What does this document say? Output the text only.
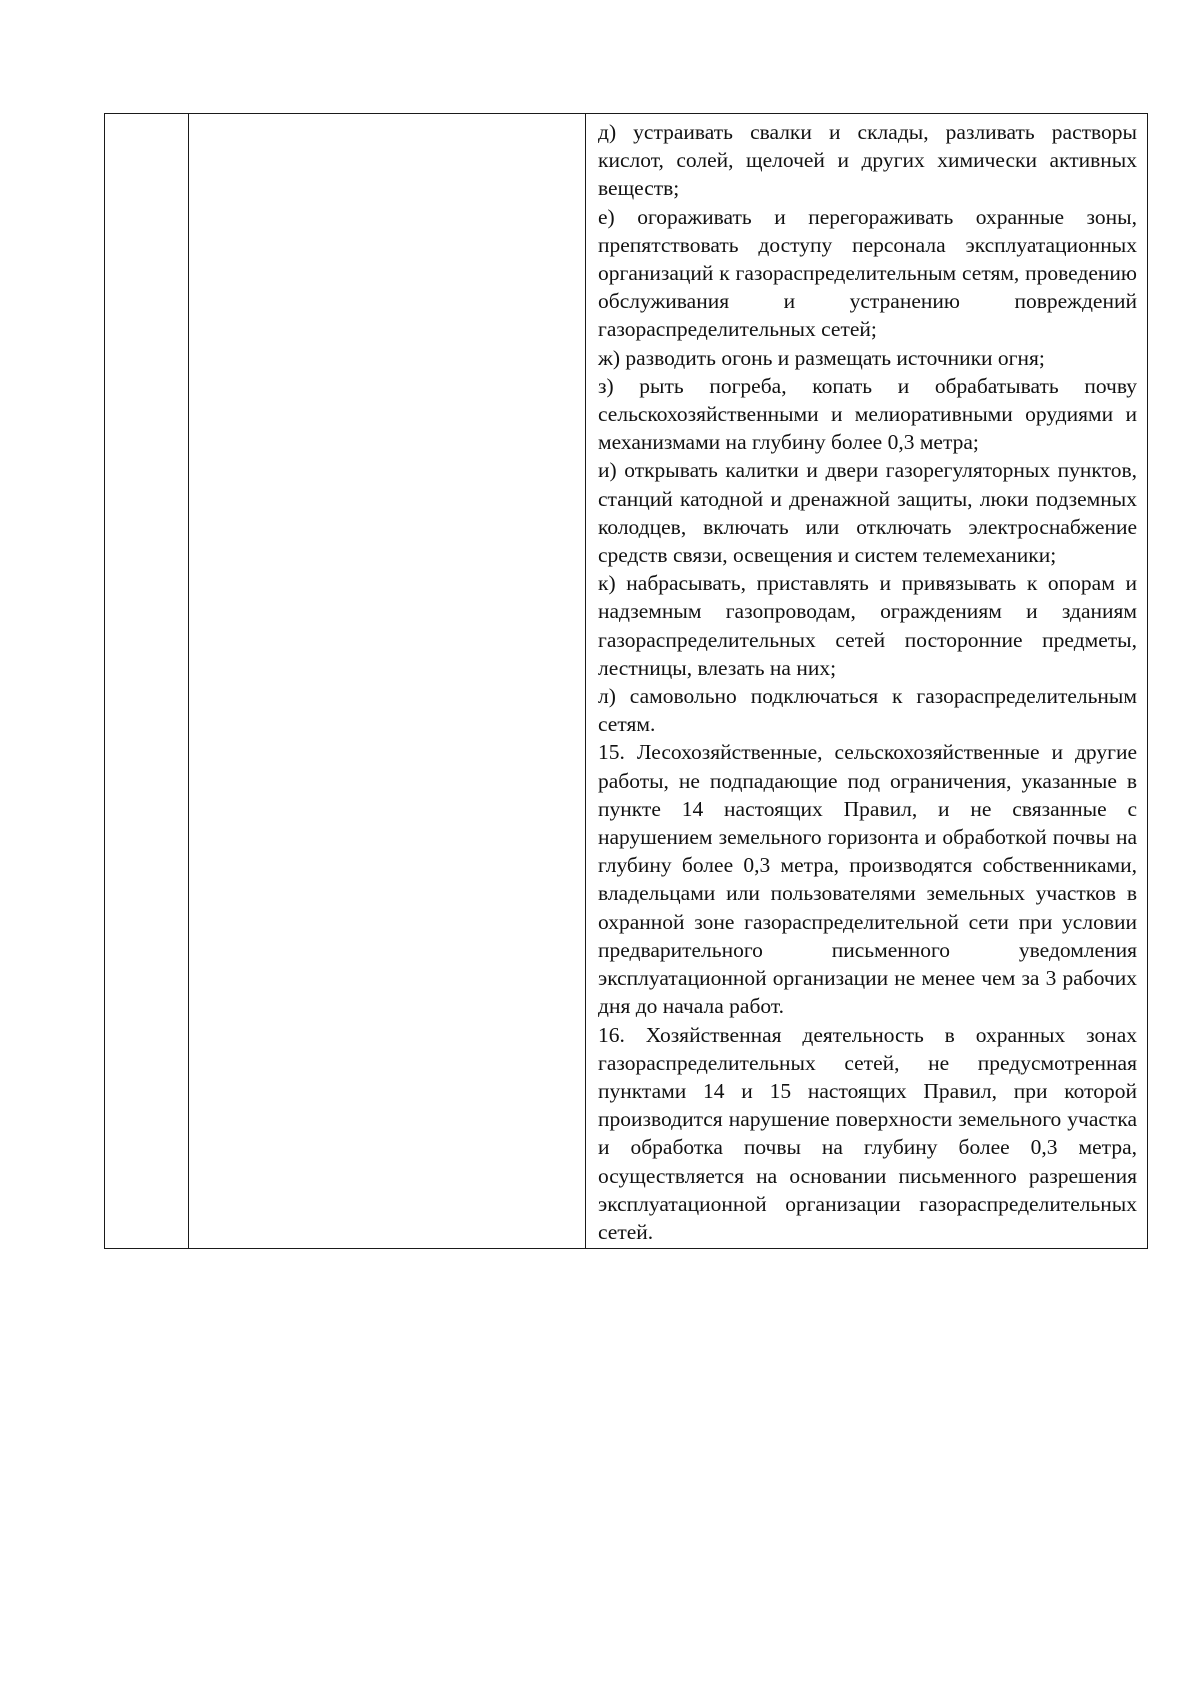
д) устраивать свалки и склады, разливать растворы кислот, солей, щелочей и других химически активных веществ;

е) огораживать и перегораживать охранные зоны, препятствовать доступу персонала эксплуатационных организаций к газораспределительным сетям, проведению обслуживания и устранению повреждений газораспределительных сетей;

ж) разводить огонь и размещать источники огня;

з) рыть погреба, копать и обрабатывать почву сельскохозяйственными и мелиоративными орудиями и механизмами на глубину более 0,3 метра;

и) открывать калитки и двери газорегуляторных пунктов, станций катодной и дренажной защиты, люки подземных колодцев, включать или отключать электроснабжение средств связи, освещения и систем телемеханики;

к) набрасывать, приставлять и привязывать к опорам и надземным газопроводам, ограждениям и зданиям газораспределительных сетей посторонние предметы, лестницы, влезать на них;

л) самовольно подключаться к газораспределительным сетям.

15. Лесохозяйственные, сельскохозяйственные и другие работы, не подпадающие под ограничения, указанные в пункте 14 настоящих Правил, и не связанные с нарушением земельного горизонта и обработкой почвы на глубину более 0,3 метра, производятся собственниками, владельцами или пользователями земельных участков в охранной зоне газораспределительной сети при условии предварительного письменного уведомления эксплуатационной организации не менее чем за 3 рабочих дня до начала работ.

16. Хозяйственная деятельность в охранных зонах газораспределительных сетей, не предусмотренная пунктами 14 и 15 настоящих Правил, при которой производится нарушение поверхности земельного участка и обработка почвы на глубину более 0,3 метра, осуществляется на основании письменного разрешения эксплуатационной организации газораспределительных сетей.
